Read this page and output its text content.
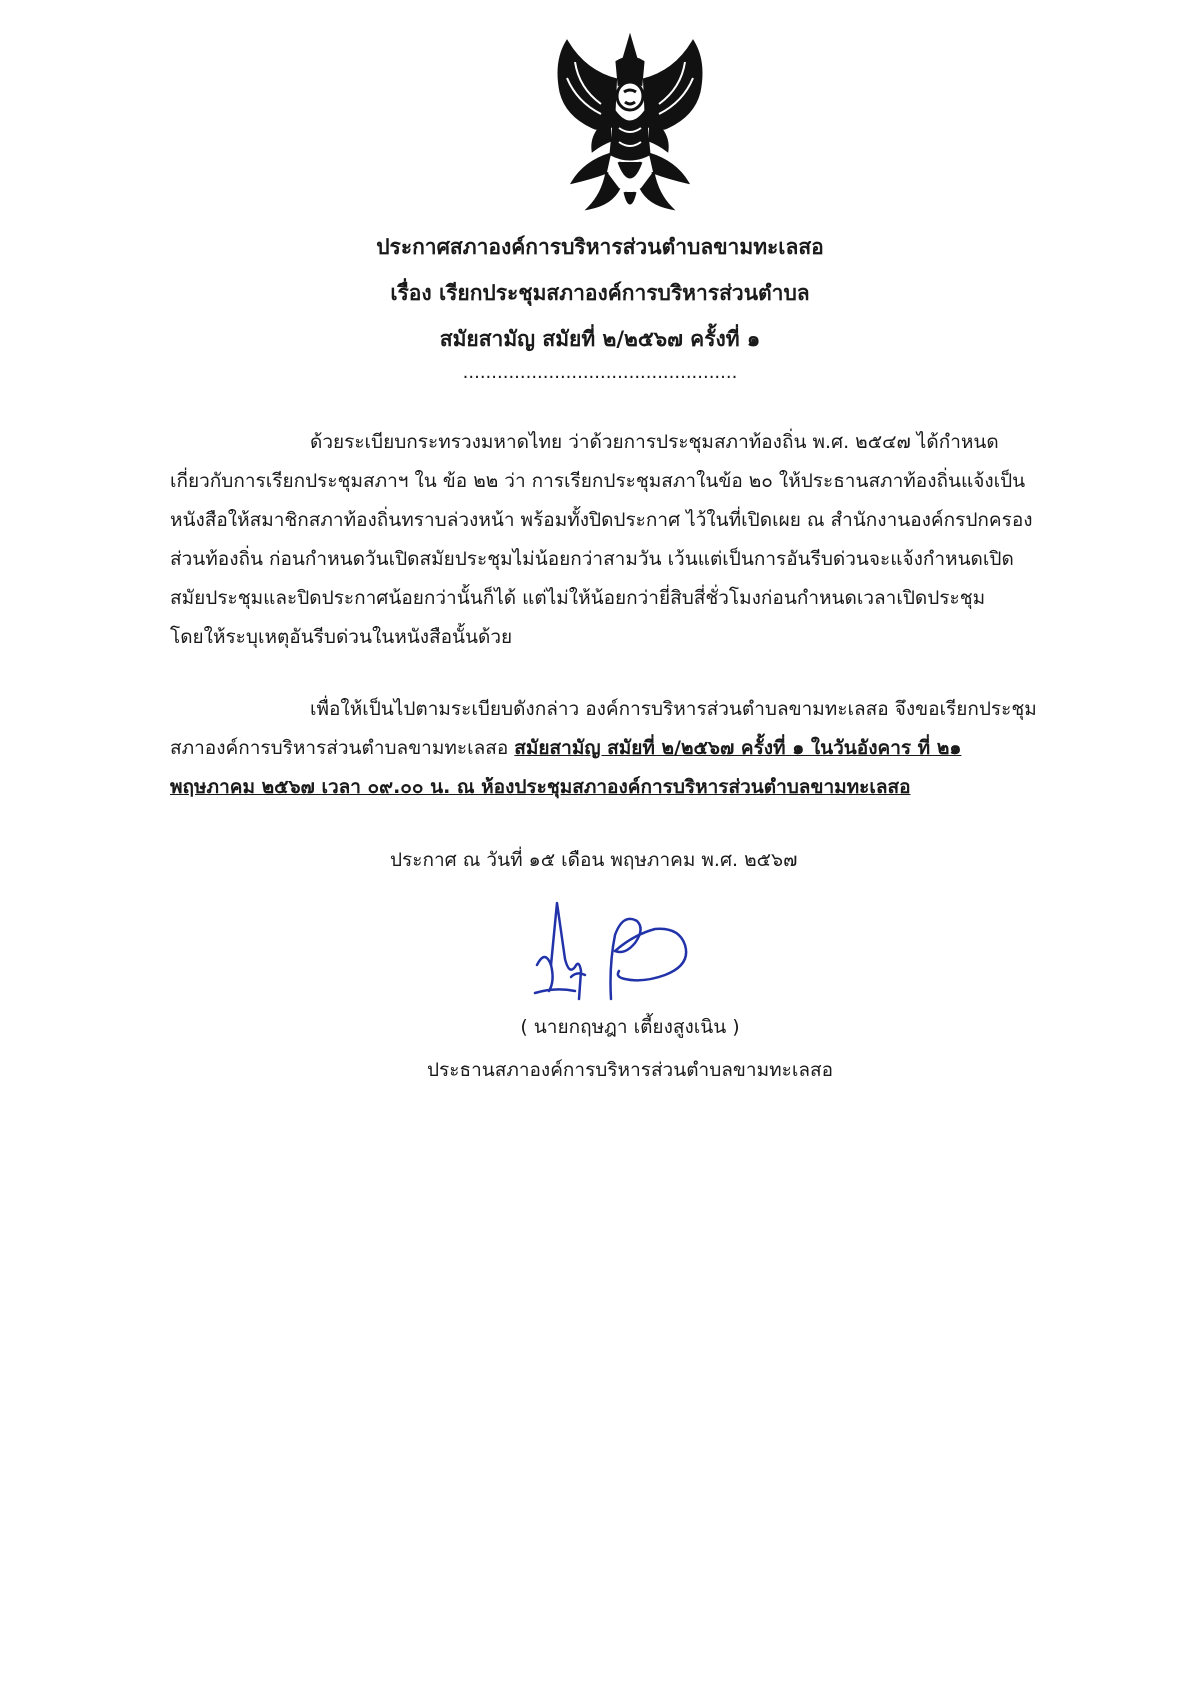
ประกาศสภาองค์การบริหารส่วนตำบลขามทะเลสอ
เรื่อง เรียกประชุมสภาองค์การบริหารส่วนตำบล
สมัยสามัญ สมัยที่ ๒/๒๕๖๗ ครั้งที่ ๑
................................................
ด้วยระเบียบกระทรวงมหาดไทย ว่าด้วยการประชุมสภาท้องถิ่น พ.ศ. ๒๕๔๗ ได้กำหนด
เกี่ยวกับการเรียกประชุมสภาฯ ใน ข้อ ๒๒ ว่า การเรียกประชุมสภาในข้อ ๒๐ ให้ประธานสภาท้องถิ่นแจ้งเป็น
หนังสือให้สมาชิกสภาท้องถิ่นทราบล่วงหน้า พร้อมทั้งปิดประกาศ ไว้ในที่เปิดเผย ณ สำนักงานองค์กรปกครอง
ส่วนท้องถิ่น ก่อนกำหนดวันเปิดสมัยประชุมไม่น้อยกว่าสามวัน เว้นแต่เป็นการอันรีบด่วนจะแจ้งกำหนดเปิด
สมัยประชุมและปิดประกาศน้อยกว่านั้นก็ได้ แต่ไม่ให้น้อยกว่ายี่สิบสี่ชั่วโมงก่อนกำหนดเวลาเปิดประชุม
โดยให้ระบุเหตุอันรีบด่วนในหนังสือนั้นด้วย
เพื่อให้เป็นไปตามระเบียบดังกล่าว องค์การบริหารส่วนตำบลขามทะเลสอ จึงขอเรียกประชุม
สภาองค์การบริหารส่วนตำบลขามทะเลสอ สมัยสามัญ สมัยที่ ๒/๒๕๖๗ ครั้งที่ ๑ ในวันอังคาร ที่ ๒๑
พฤษภาคม ๒๕๖๗ เวลา ๐๙.๐๐ น. ณ ห้องประชุมสภาองค์การบริหารส่วนตำบลขามทะเลสอ
ประกาศ ณ วันที่ ๑๕ เดือน พฤษภาคม พ.ศ. ๒๕๖๗
( นายกฤษฎา เตี้ยงสูงเนิน )
ประธานสภาองค์การบริหารส่วนตำบลขามทะเลสอ
